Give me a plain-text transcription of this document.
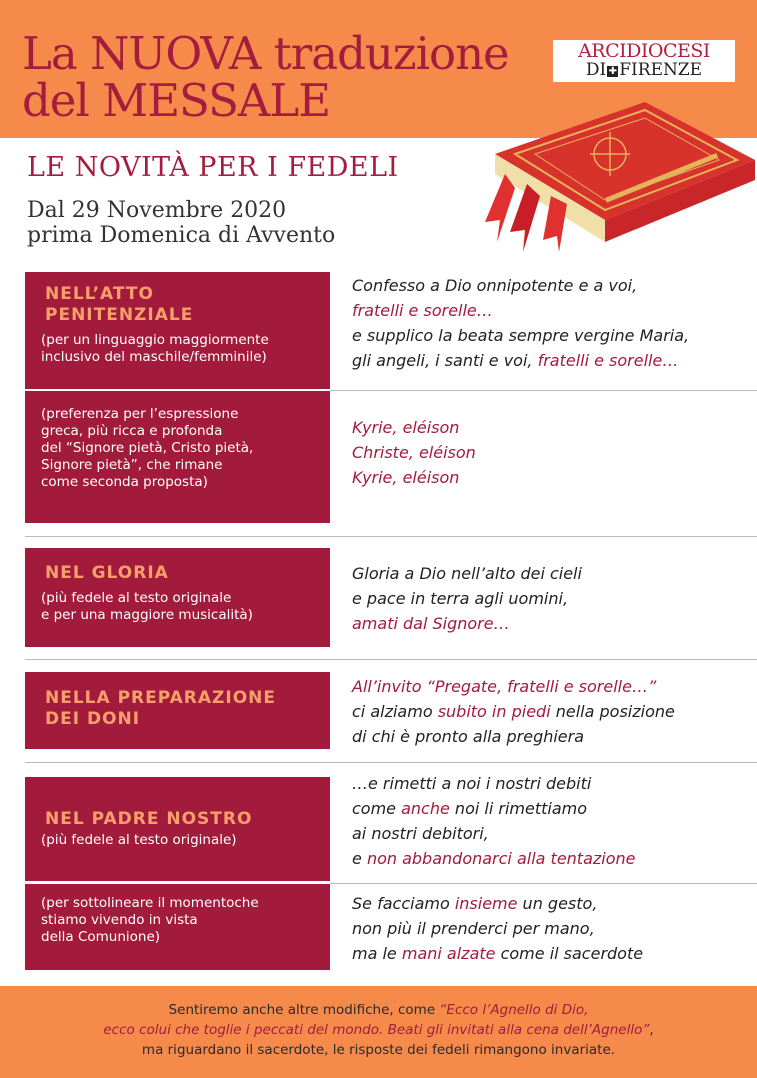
La NUOVA traduzione
del MESSALE
ARCIDIOCESI
DI ✚ FIRENZE
LE NOVITÀ PER I FEDELI
Dal 29 Novembre 2020
prima Domenica di Avvento
NELL’ATTO
PENITENZIALE
(per un linguaggio maggiormente
inclusivo del maschile/femminile)
Confesso a Dio onnipotente e a voi,
fratelli e sorelle…
e supplico la beata sempre vergine Maria,
gli angeli, i santi e voi, fratelli e sorelle…
(preferenza per l’espressione
greca, più ricca e profonda
del “Signore pietà, Cristo pietà,
Signore pietà”, che rimane
come seconda proposta)
Kyrie, eléison
Christe, eléison
Kyrie, eléison
NEL GLORIA
(più fedele al testo originale
e per una maggiore musicalità)
Gloria a Dio nell’alto dei cieli
e pace in terra agli uomini,
amati dal Signore…
NELLA PREPARAZIONE
DEI DONI
All’invito “Pregate, fratelli e sorelle…”
ci alziamo subito in piedi nella posizione
di chi è pronto alla preghiera
NEL PADRE NOSTRO
(più fedele al testo originale)
…e rimetti a noi i nostri debiti
come anche noi li rimettiamo
ai nostri debitori,
e non abbandonarci alla tentazione
(per sottolineare il momentoche
stiamo vivendo in vista
della Comunione)
Se facciamo insieme un gesto,
non più il prenderci per mano,
ma le mani alzate come il sacerdote
Sentiremo anche altre modifiche, come “Ecco l’Agnello di Dio,
ecco colui che toglie i peccati del mondo. Beati gli invitati alla cena dell’Agnello”,
ma riguardano il sacerdote, le risposte dei fedeli rimangono invariate.
